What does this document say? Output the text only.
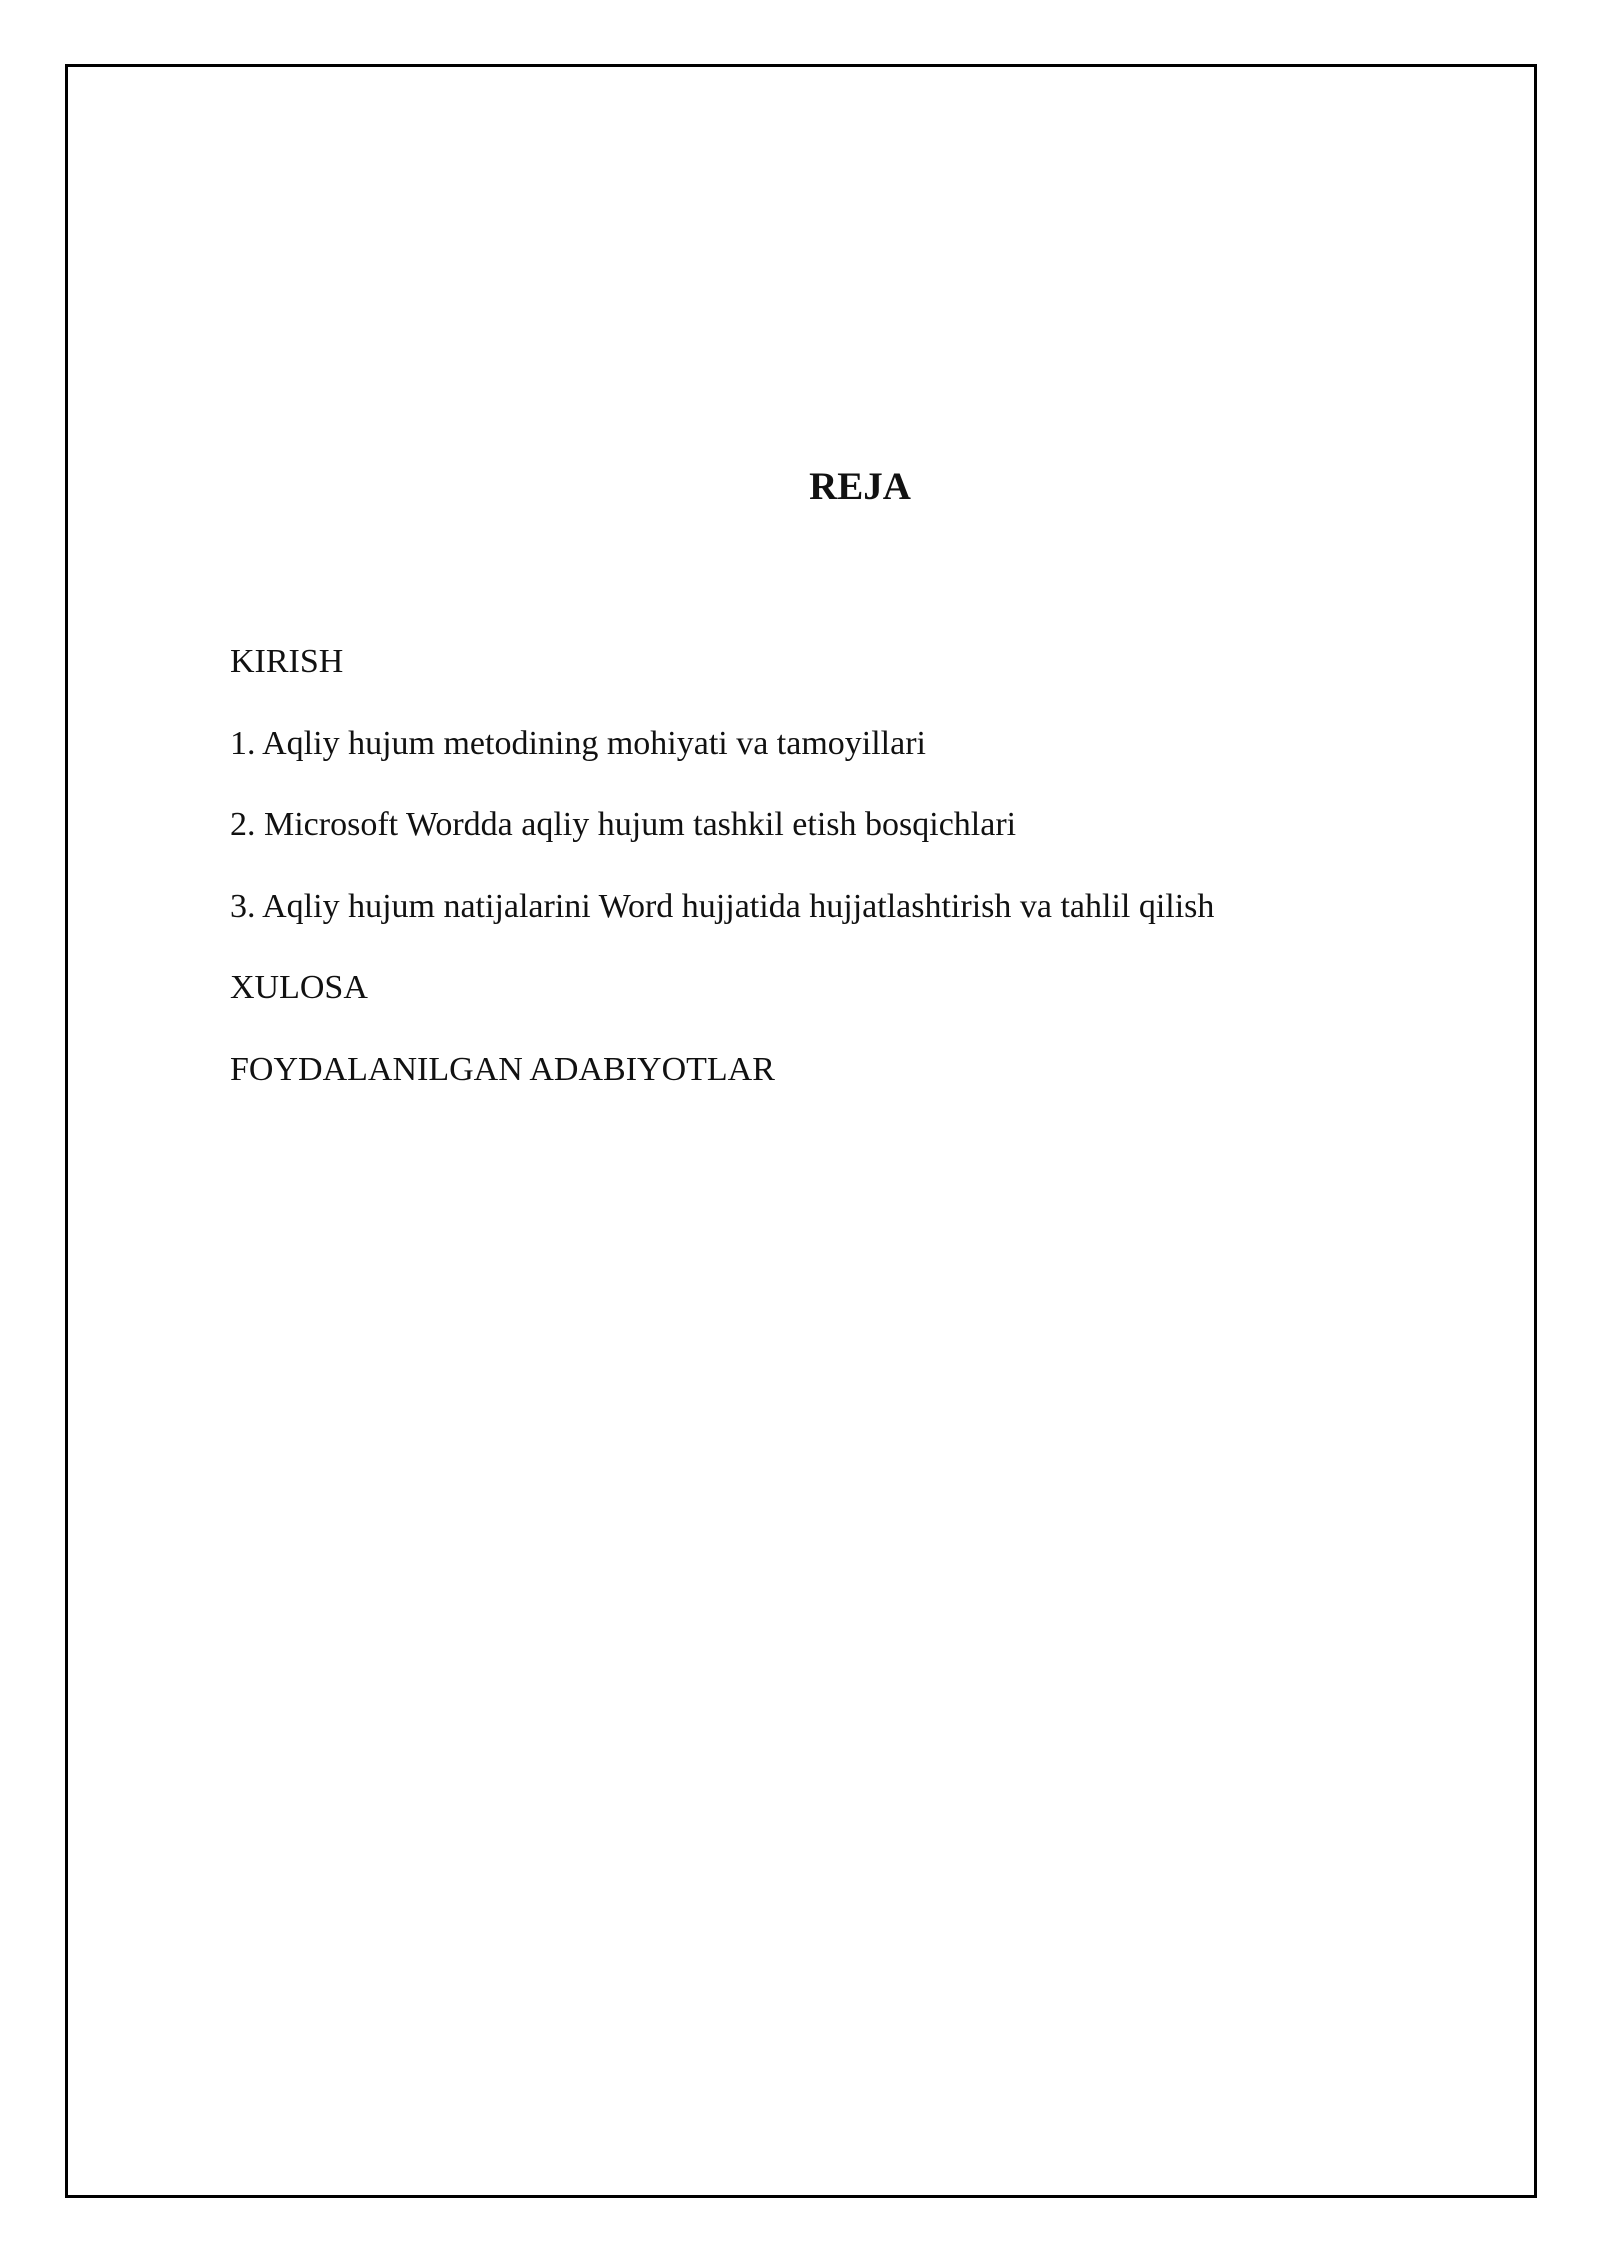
REJA
KIRISH
1. Aqliy hujum metodining mohiyati va tamoyillari
2. Microsoft Wordda aqliy hujum tashkil etish bosqichlari
3. Aqliy hujum natijalarini Word hujjatida hujjatlashtirish va tahlil qilish
XULOSA
FOYDALANILGAN ADABIYOTLAR
